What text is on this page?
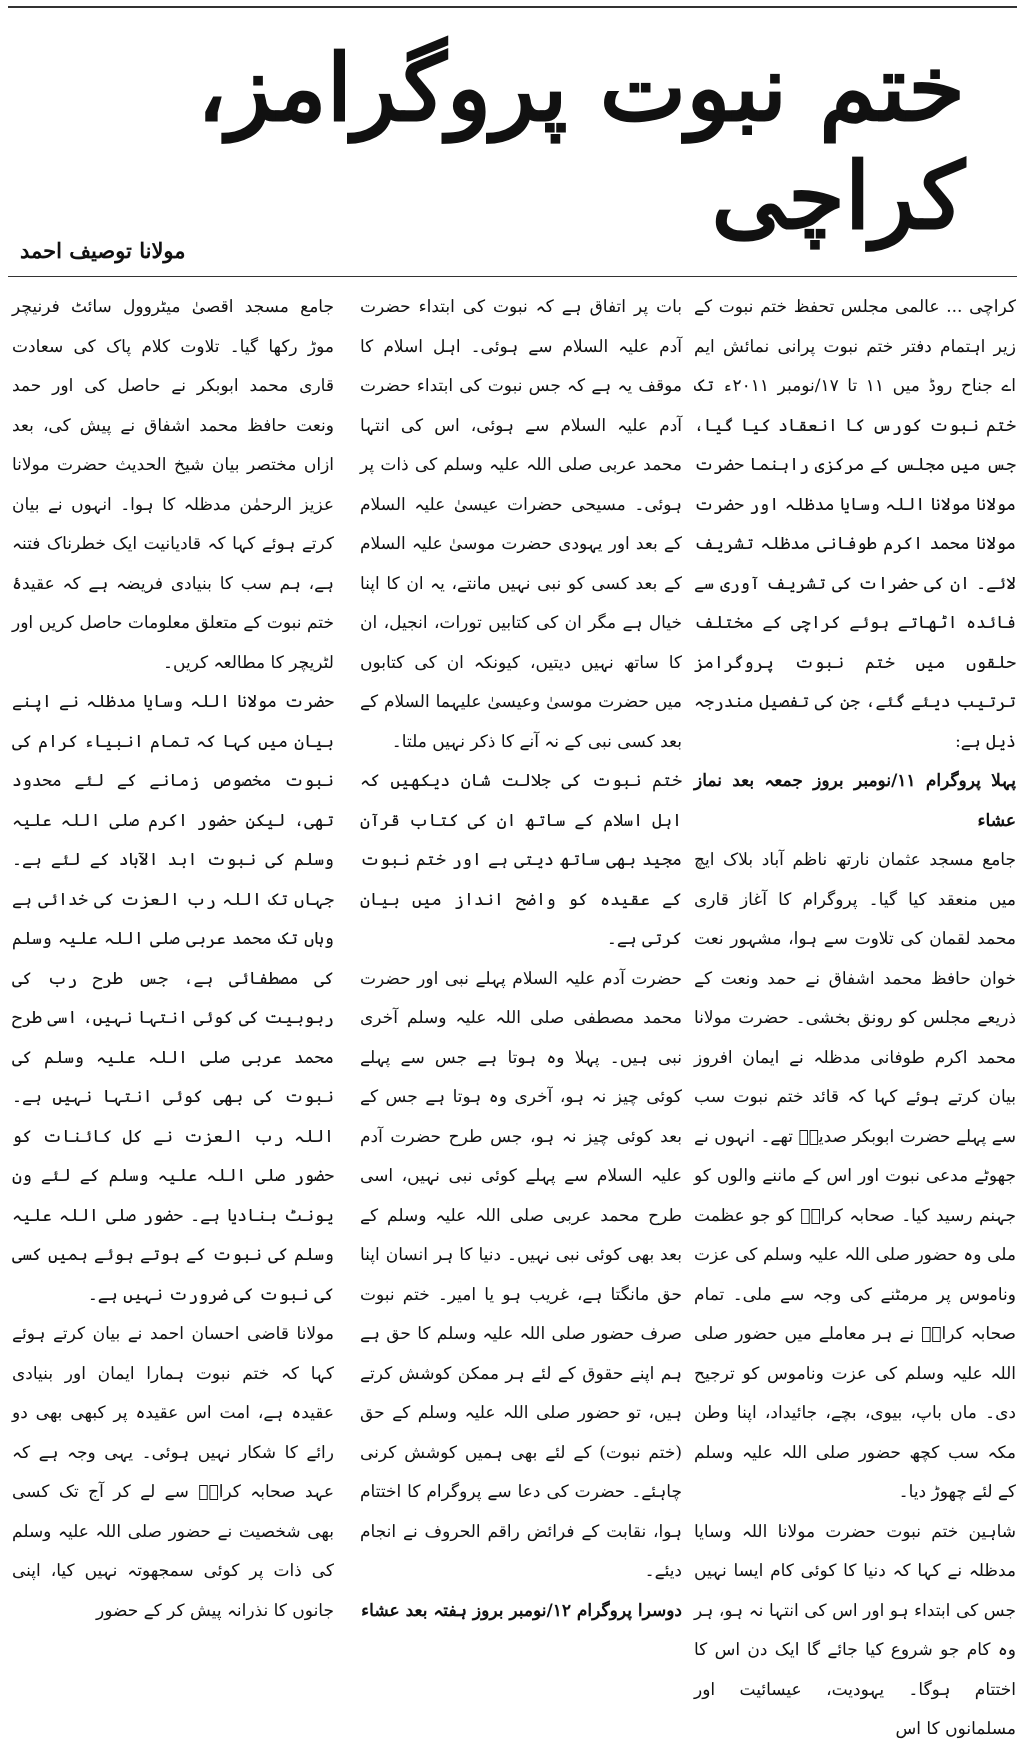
ختم نبوت پروگرامز، کراچی
مولانا توصیف احمد

کراچی ... عالمی مجلس تحفظ ختم نبوت کے زیر اہتمام دفتر ختم نبوت پرانی نمائش ایم اے جناح روڈ میں ۱۱ تا ۱۷/نومبر ۲۰۱۱ء تک ختم نبوت کورس کا انعقاد کیا گیا، جس میں مجلس کے مرکزی راہنما حضرت مولانا مولانا اللہ وسایا مدظلہ اور حضرت مولانا محمد اکرم طوفانی مدظلہ تشریف لائے۔ ان کی حضرات کی تشریف آوری سے فائدہ اٹھاتے ہوئے کراچی کے مختلف حلقوں میں ختم نبوت پروگرامز ترتیب دیئے گئے، جن کی تفصیل مندرجہ ذیل ہے:

پہلا پروگرام ۱۱/نومبر بروز جمعہ بعد نماز عشاء

جامع مسجد عثمان نارتھ ناظم آباد بلاک ایچ میں منعقد کیا گیا۔ پروگرام کا آغاز قاری محمد لقمان کی تلاوت سے ہوا، مشہور نعت خوان حافظ محمد اشفاق نے حمد ونعت کے ذریعے مجلس کو رونق بخشی۔ حضرت مولانا محمد اکرم طوفانی مدظلہ نے ایمان افروز بیان کرتے ہوئے کہا کہ قائد ختم نبوت سب سے پہلے حضرت ابوبکر صدیقؓ تھے۔ انہوں نے جھوٹے مدعی نبوت اور اس کے ماننے والوں کو جہنم رسید کیا۔ صحابہ کرامؓ کو جو عظمت ملی وہ حضور صلی اللہ علیہ وسلم کی عزت وناموس پر مرمٹنے کی وجہ سے ملی۔ تمام صحابہ کرامؓ نے ہر معاملے میں حضور صلی اللہ علیہ وسلم کی عزت وناموس کو ترجیح دی۔ ماں باپ، بیوی، بچے، جائیداد، اپنا وطن مکہ سب کچھ حضور صلی اللہ علیہ وسلم کے لئے چھوڑ دیا۔

شاہین ختم نبوت حضرت مولانا اللہ وسایا مدظلہ نے کہا کہ دنیا کا کوئی کام ایسا نہیں جس کی ابتداء ہو اور اس کی انتہا نہ ہو، ہر وہ کام جو شروع کیا جائے گا ایک دن اس کا اختتام ہوگا۔ یہودیت، عیسائیت اور مسلمانوں کا اس

بات پر اتفاق ہے کہ نبوت کی ابتداء حضرت آدم علیہ السلام سے ہوئی۔ اہل اسلام کا موقف یہ ہے کہ جس نبوت کی ابتداء حضرت آدم علیہ السلام سے ہوئی، اس کی انتہا محمد عربی صلی اللہ علیہ وسلم کی ذات پر ہوئی۔ مسیحی حضرات عیسیٰ علیہ السلام کے بعد اور یہودی حضرت موسیٰ علیہ السلام کے بعد کسی کو نبی نہیں مانتے، یہ ان کا اپنا خیال ہے مگر ان کی کتابیں تورات، انجیل، ان کا ساتھ نہیں دیتیں، کیونکہ ان کی کتابوں میں حضرت موسیٰ وعیسیٰ علیہما السلام کے بعد کسی نبی کے نہ آنے کا ذکر نہیں ملتا۔

ختم نبوت کی جلالت شان دیکھیں کہ اہل اسلام کے ساتھ ان کی کتاب قرآن مجید بھی ساتھ دیتی ہے اور ختم نبوت کے عقیدہ کو واضح انداز میں بیان کرتی ہے۔

حضرت آدم علیہ السلام پہلے نبی اور حضرت محمد مصطفی صلی اللہ علیہ وسلم آخری نبی ہیں۔ پہلا وہ ہوتا ہے جس سے پہلے کوئی چیز نہ ہو، آخری وہ ہوتا ہے جس کے بعد کوئی چیز نہ ہو، جس طرح حضرت آدم علیہ السلام سے پہلے کوئی نبی نہیں، اسی طرح محمد عربی صلی اللہ علیہ وسلم کے بعد بھی کوئی نبی نہیں۔ دنیا کا ہر انسان اپنا حق مانگتا ہے، غریب ہو یا امیر۔ ختم نبوت صرف حضور صلی اللہ علیہ وسلم کا حق ہے ہم اپنے حقوق کے لئے ہر ممکن کوشش کرتے ہیں، تو حضور صلی اللہ علیہ وسلم کے حق (ختم نبوت) کے لئے بھی ہمیں کوشش کرنی چاہئے۔ حضرت کی دعا سے پروگرام کا اختتام ہوا، نقابت کے فرائض راقم الحروف نے انجام دیئے۔

دوسرا پروگرام ۱۲/نومبر بروز ہفتہ بعد عشاء

جامع مسجد اقصیٰ میٹروول سائٹ فرنیچر موڑ رکھا گیا۔ تلاوت کلام پاک کی سعادت قاری محمد ابوبکر نے حاصل کی اور حمد ونعت حافظ محمد اشفاق نے پیش کی، بعد ازاں مختصر بیان شیخ الحدیث حضرت مولانا عزیز الرحمٰن مدظلہ کا ہوا۔ انہوں نے بیان کرتے ہوئے کہا کہ قادیانیت ایک خطرناک فتنہ ہے، ہم سب کا بنیادی فریضہ ہے کہ عقیدۂ ختم نبوت کے متعلق معلومات حاصل کریں اور لٹریچر کا مطالعہ کریں۔

حضرت مولانا اللہ وسایا مدظلہ نے اپنے بیان میں کہا کہ تمام انبیاء کرام کی نبوت مخصوص زمانے کے لئے محدود تھی، لیکن حضور اکرم صلی اللہ علیہ وسلم کی نبوت ابد الآباد کے لئے ہے۔ جہاں تک اللہ رب العزت کی خدائی ہے وہاں تک محمد عربی صلی اللہ علیہ وسلم کی مصطفائی ہے، جس طرح رب کی ربوبیت کی کوئی انتہا نہیں، اسی طرح محمد عربی صلی اللہ علیہ وسلم کی نبوت کی بھی کوئی انتہا نہیں ہے۔ اللہ رب العزت نے کل کائنات کو حضور صلی اللہ علیہ وسلم کے لئے ون یونٹ بنادیا ہے۔ حضور صلی اللہ علیہ وسلم کی نبوت کے ہوتے ہوئے ہمیں کسی کی نبوت کی ضرورت نہیں ہے۔

مولانا قاضی احسان احمد نے بیان کرتے ہوئے کہا کہ ختم نبوت ہمارا ایمان اور بنیادی عقیدہ ہے، امت اس عقیدہ پر کبھی بھی دو رائے کا شکار نہیں ہوئی۔ یہی وجہ ہے کہ عہد صحابہ کرامؓ سے لے کر آج تک کسی بھی شخصیت نے حضور صلی اللہ علیہ وسلم کی ذات پر کوئی سمجھوتہ نہیں کیا، اپنی جانوں کا نذرانہ پیش کر کے حضور
